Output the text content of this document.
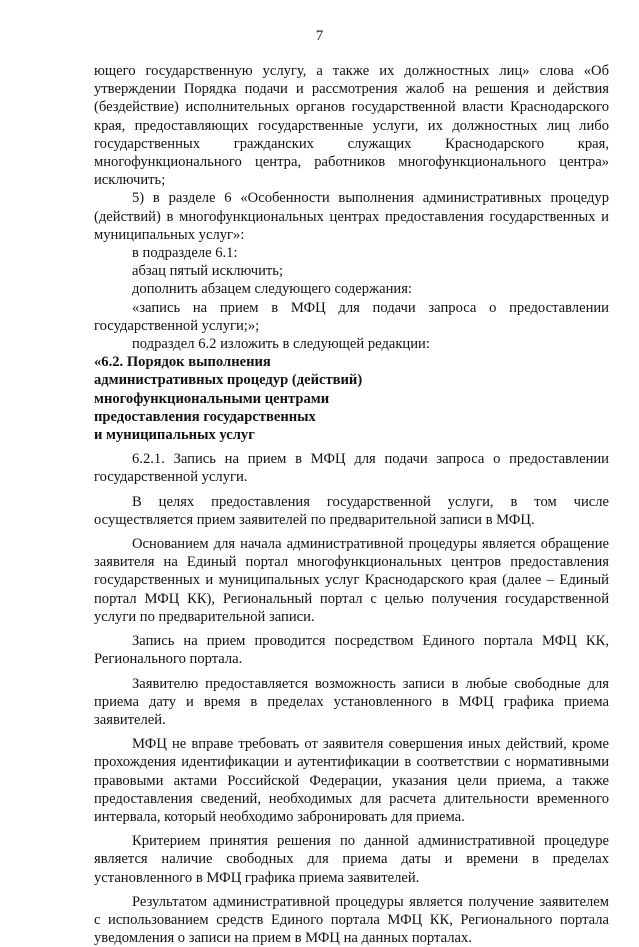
7

ющего государственную услугу, а также их должностных лиц» слова «Об утверждении Порядка подачи и рассмотрения жалоб на решения и действия (бездействие) исполнительных органов государственной власти Краснодарского края, предоставляющих государственные услуги, их должностных лиц либо государственных гражданских служащих Краснодарского края, многофункционального центра, работников многофункционального центра» исключить;

5) в разделе 6 «Особенности выполнения административных процедур (действий) в многофункциональных центрах предоставления государственных и муниципальных услуг»:

в подразделе 6.1:

абзац пятый исключить;

дополнить абзацем следующего содержания:

«запись на прием в МФЦ для подачи запроса о предоставлении государственной услуги;»;

подраздел 6.2 изложить в следующей редакции:

«6.2. Порядок выполнения

административных процедур (действий)

многофункциональными центрами

предоставления государственных

и муниципальных услуг

6.2.1. Запись на прием в МФЦ для подачи запроса о предоставлении государственной услуги.

В целях предоставления государственной услуги, в том числе осуществляется прием заявителей по предварительной записи в МФЦ.

Основанием для начала административной процедуры является обращение заявителя на Единый портал многофункциональных центров предоставления государственных и муниципальных услуг Краснодарского края (далее – Единый портал МФЦ КК), Региональный портал с целью получения государственной услуги по предварительной записи.

Запись на прием проводится посредством Единого портала МФЦ КК, Регионального портала.

Заявителю предоставляется возможность записи в любые свободные для приема дату и время в пределах установленного в МФЦ графика приема заявителей.

МФЦ не вправе требовать от заявителя совершения иных действий, кроме прохождения идентификации и аутентификации в соответствии с нормативными правовыми актами Российской Федерации, указания цели приема, а также предоставления сведений, необходимых для расчета длительности временного интервала, который необходимо забронировать для приема.

Критерием принятия решения по данной административной процедуре является наличие свободных для приема даты и времени в пределах установленного в МФЦ графика приема заявителей.

Результатом административной процедуры является получение заявителем с использованием средств Единого портала МФЦ КК, Регионального портала уведомления о записи на прием в МФЦ на данных порталах.
